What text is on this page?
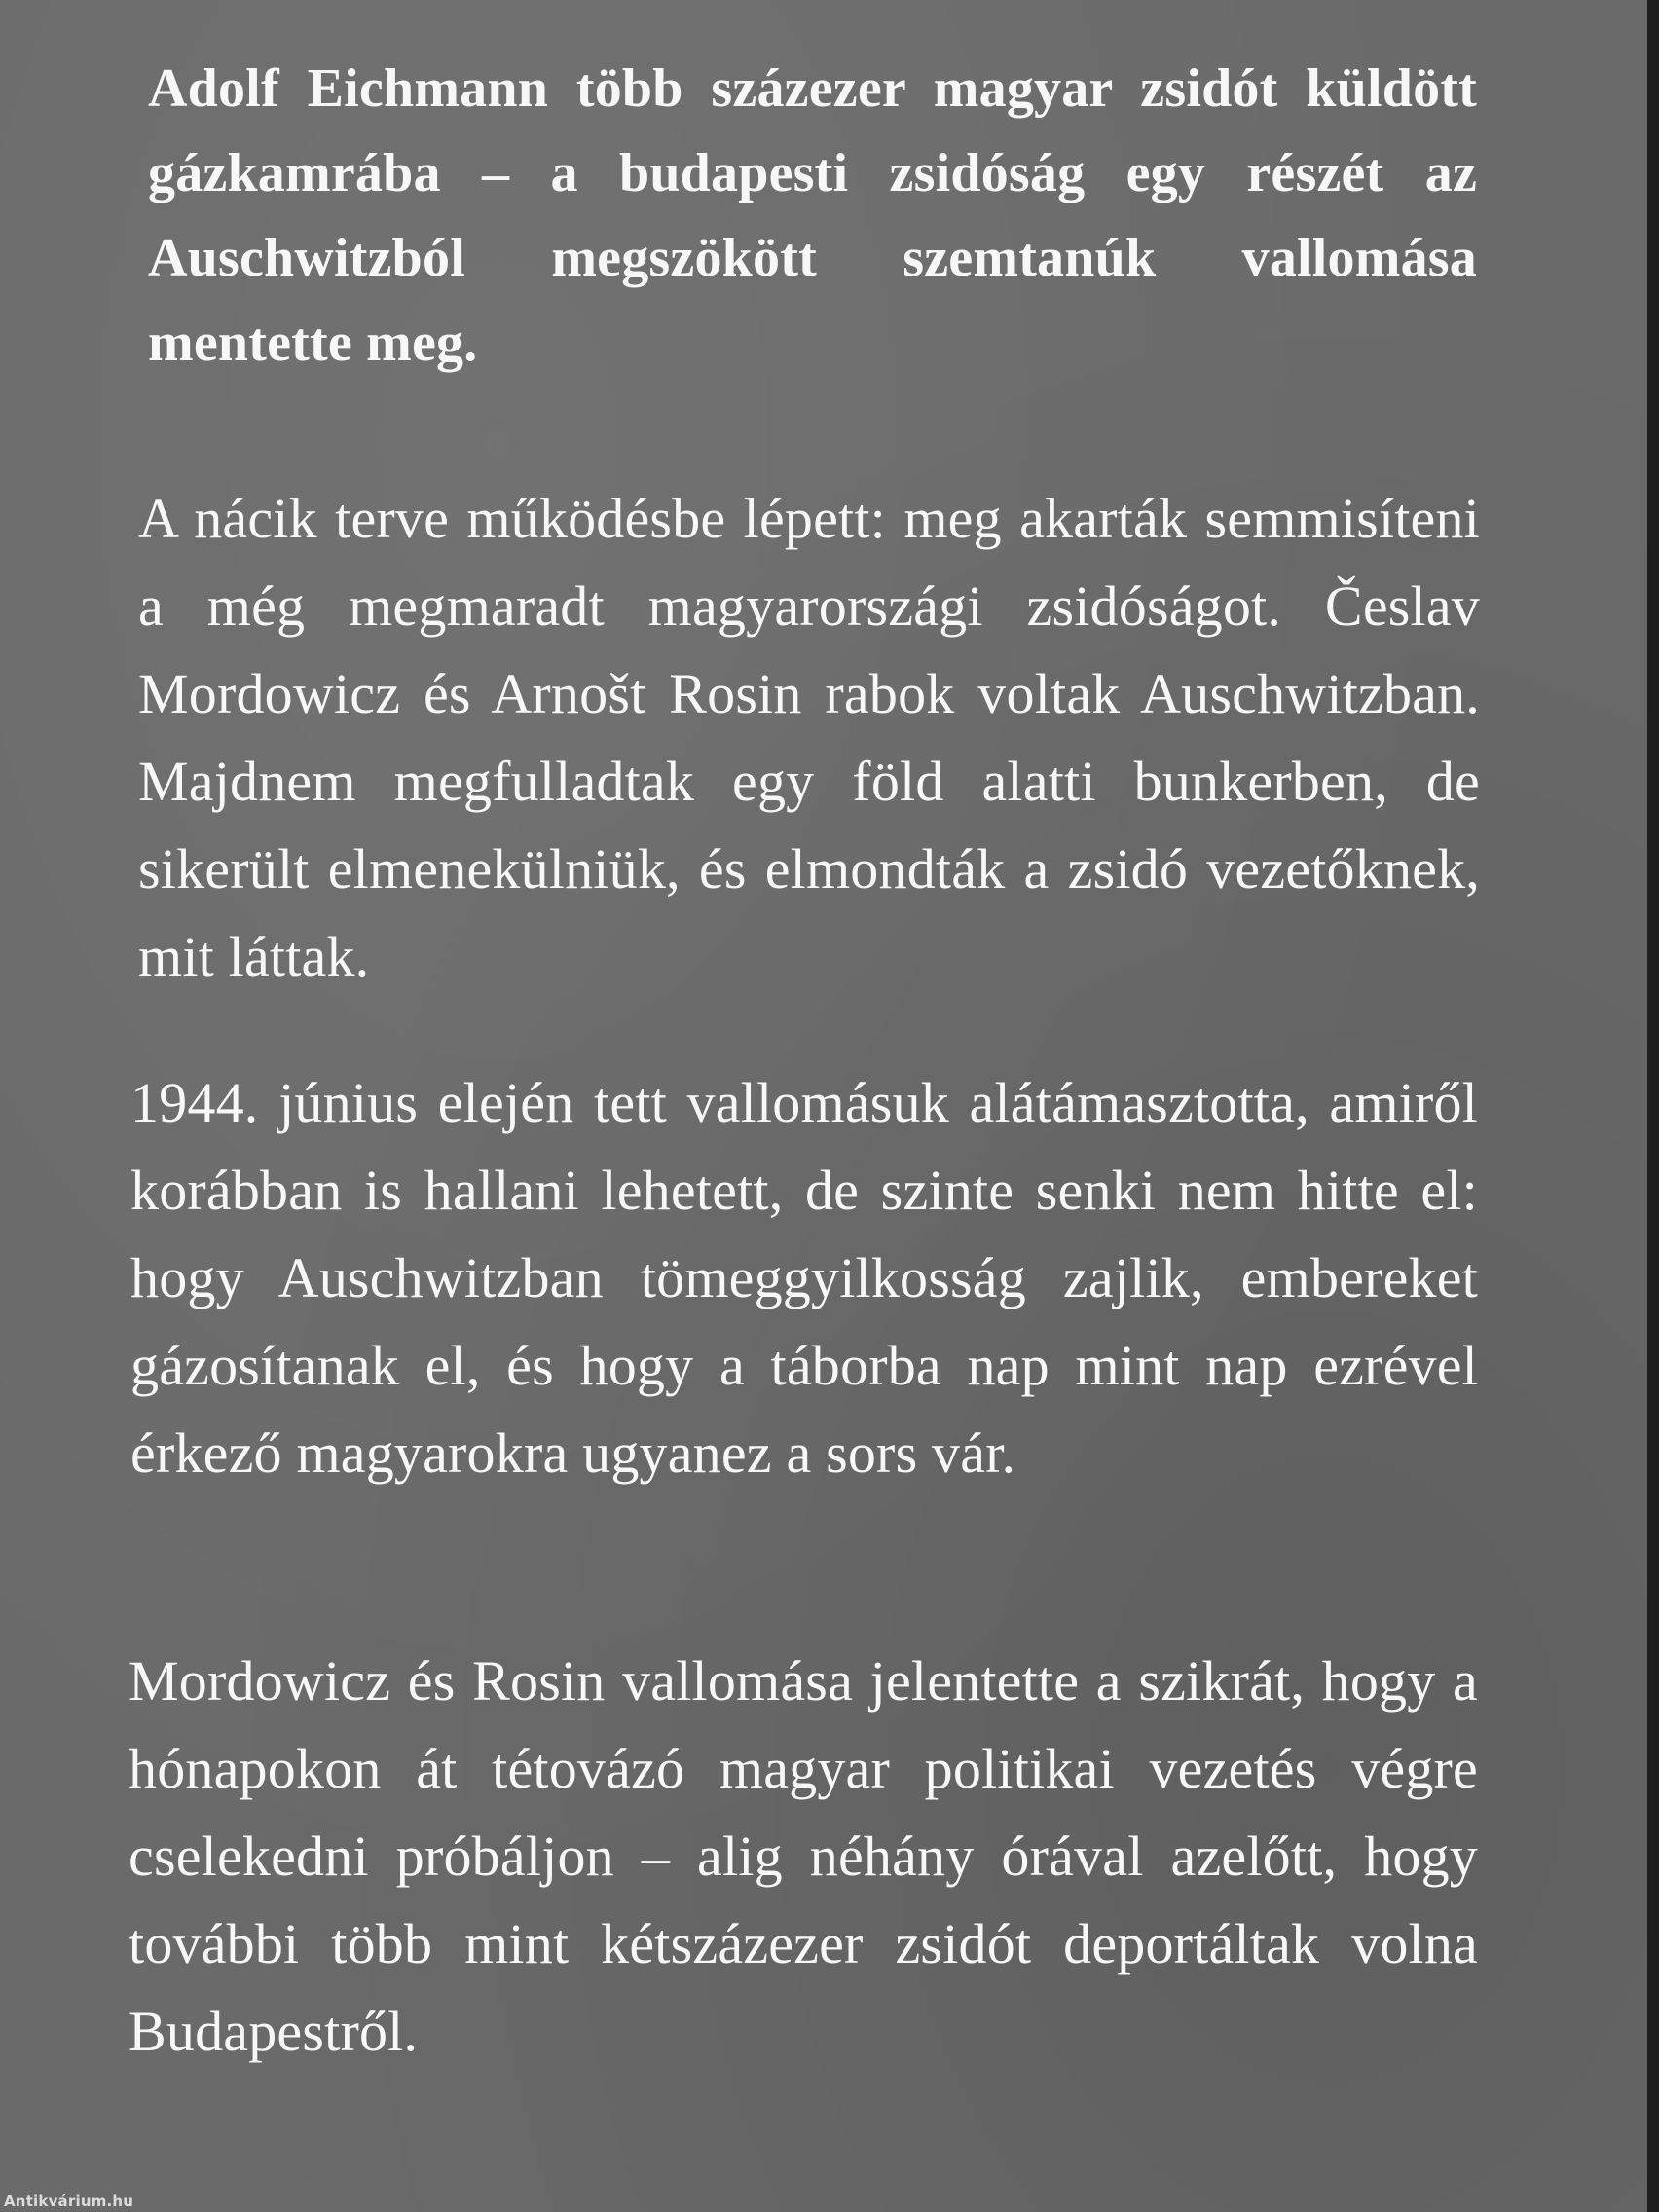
Adolf Eichmann több százezer magyar zsidót küldött gázkamrába – a budapesti zsidóság egy részét az Auschwitzból megszökött szemtanúk vallomása mentette meg.

A nácik terve működésbe lépett: meg akarták semmisíteni a még megmaradt magyarországi zsidóságot. Česlav Mordowicz és Arnošt Rosin rabok voltak Auschwitzban. Majdnem megfulladtak egy föld alatti bunkerben, de sikerült elmenekülniük, és elmondták a zsidó vezetőknek, mit láttak.

1944. június elején tett vallomásuk alátámasztotta, amiről korábban is hallani lehetett, de szinte senki nem hitte el: hogy Auschwitzban tömeggyilkosság zajlik, embereket gázosítanak el, és hogy a táborba nap mint nap ezrével érkező magyarokra ugyanez a sors vár.

Mordowicz és Rosin vallomása jelentette a szikrát, hogy a hónapokon át tétovázó magyar politikai vezetés végre cselekedni próbáljon – alig néhány órával azelőtt, hogy további több mint kétszázezer zsidót deportáltak volna Budapestről.

Antikvárium.hu
